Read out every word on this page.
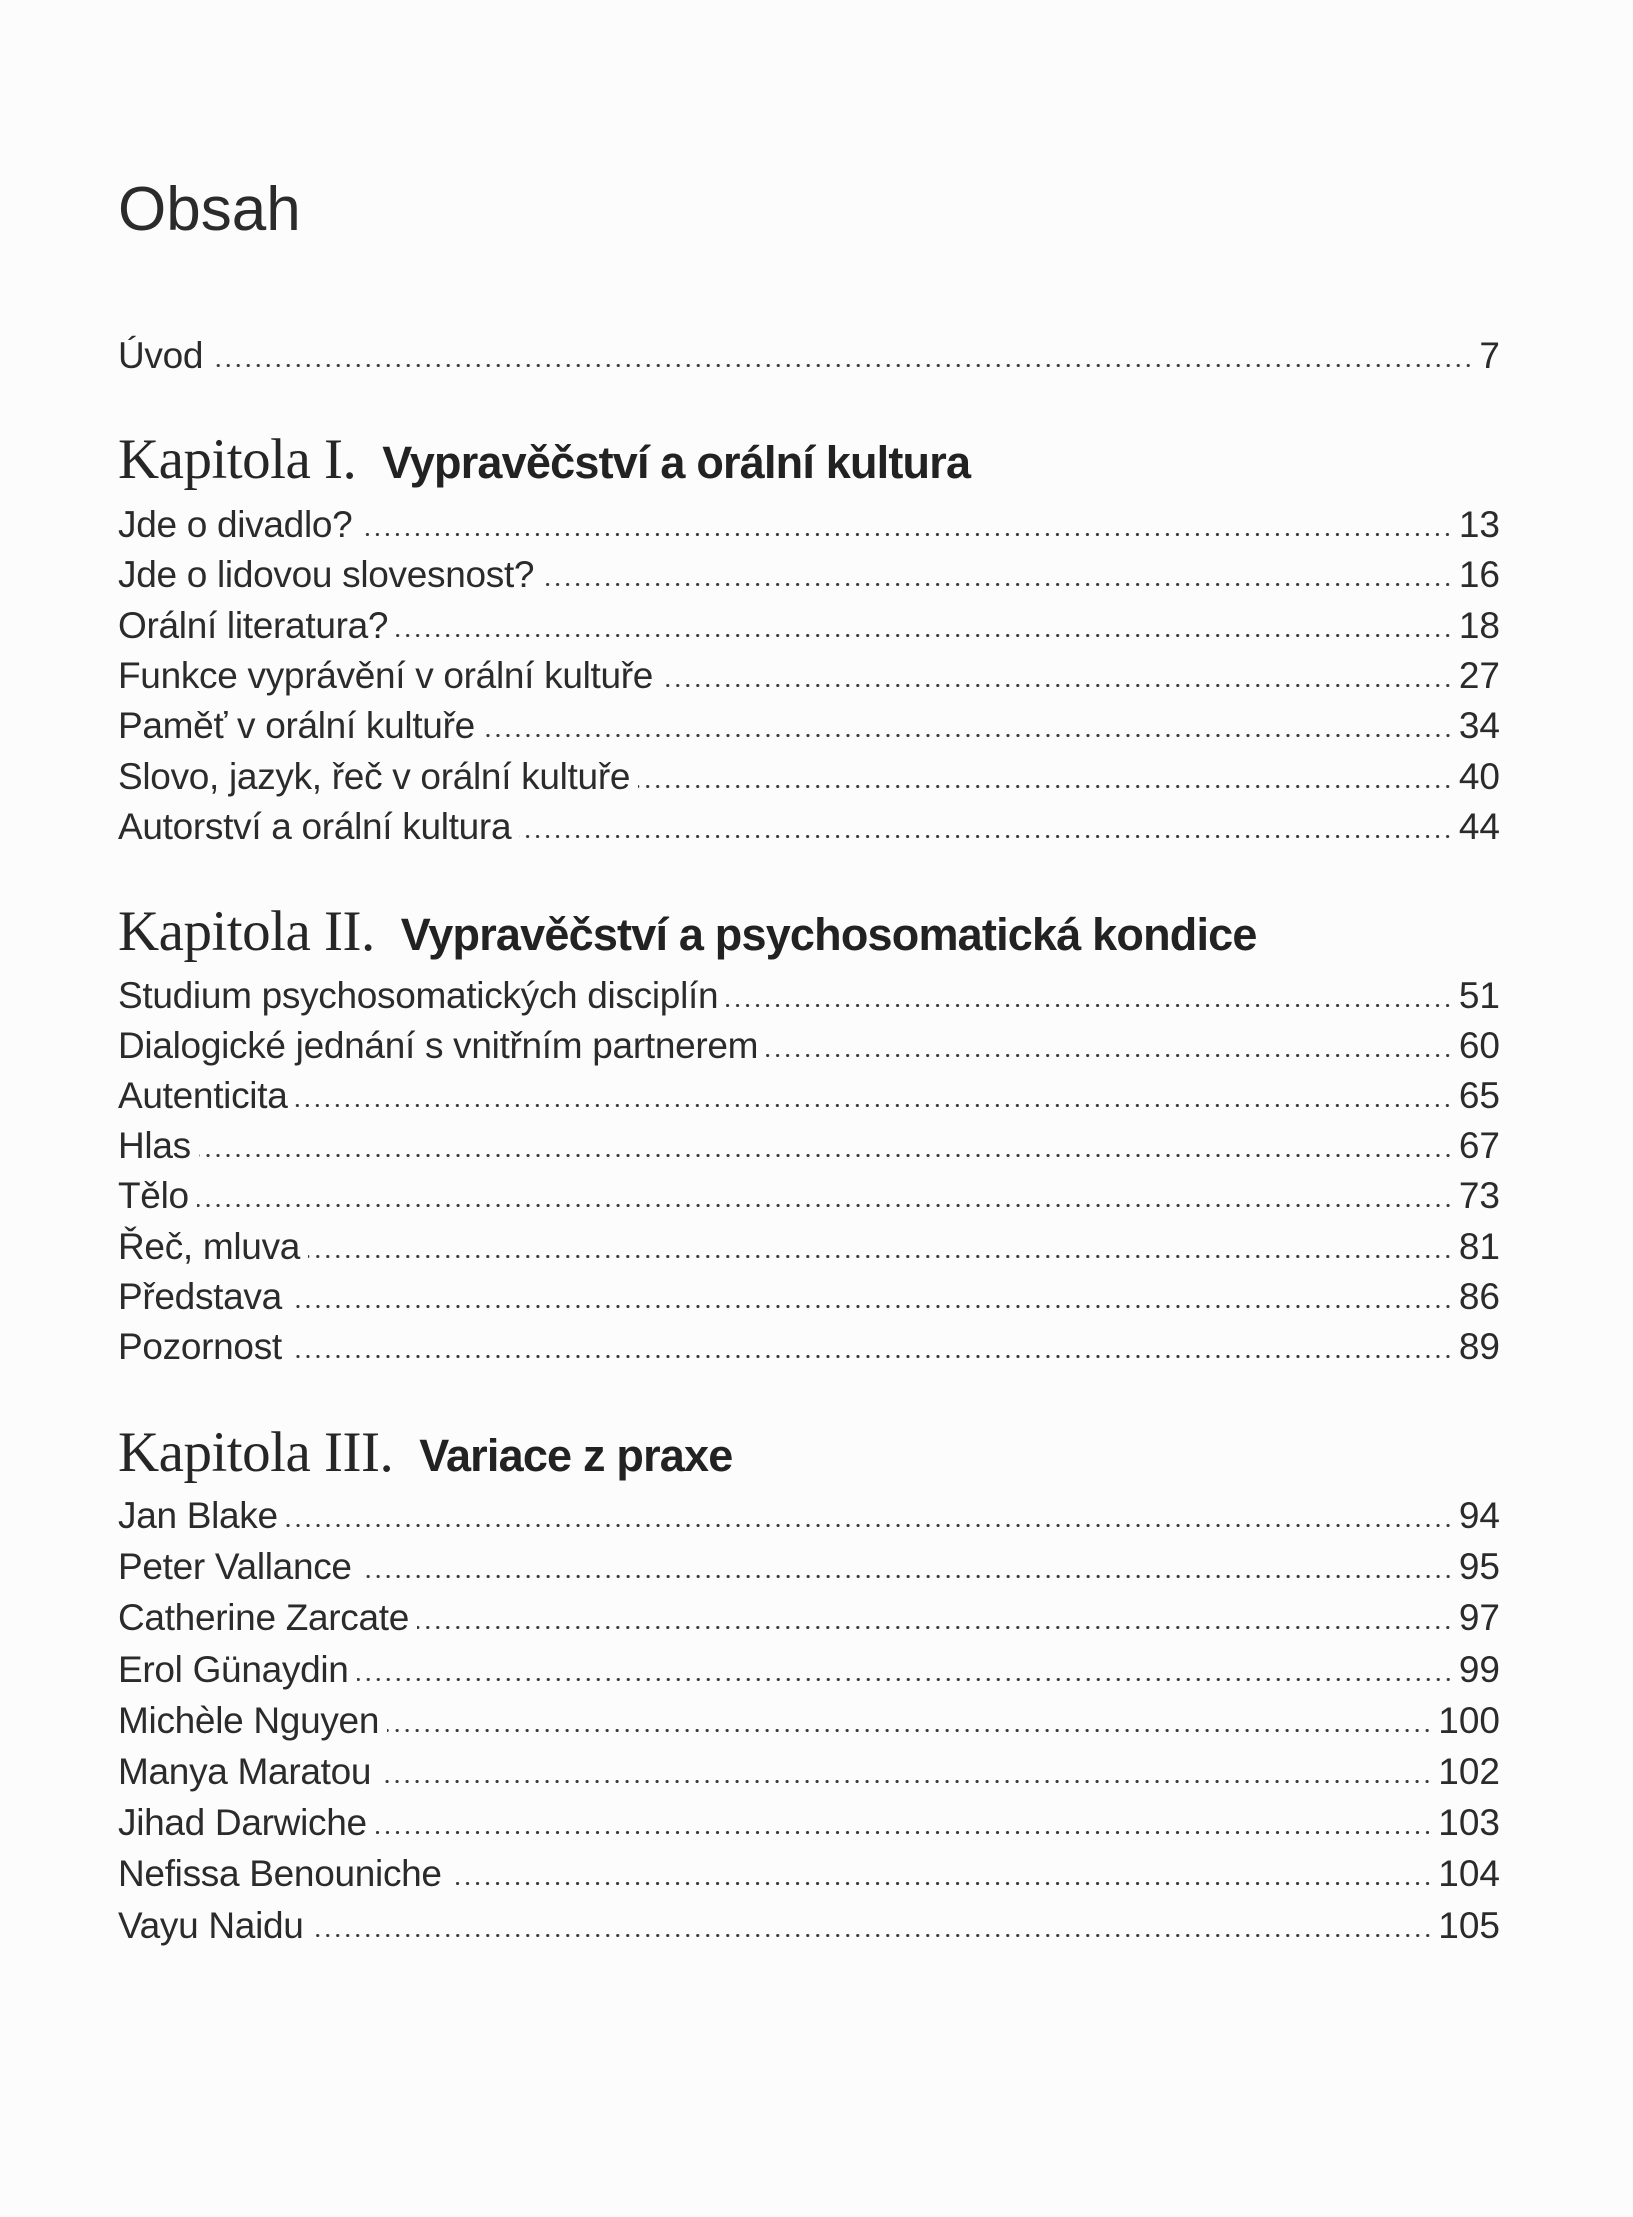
Obsah
Úvod	7
Kapitola I. Vypravěčství a orální kultura
Jde o divadlo?	13
Jde o lidovou slovesnost?	16
Orální literatura?	18
Funkce vyprávění v orální kultuře	27
Paměť v orální kultuře	34
Slovo, jazyk, řeč v orální kultuře	40
Autorství a orální kultura	44
Kapitola II. Vypravěčství a psychosomatická kondice
Studium psychosomatických disciplín	51
Dialogické jednání s vnitřním partnerem	60
Autenticita	65
Hlas	67
Tělo	73
Řeč, mluva	81
Představa	86
Pozornost	89
Kapitola III. Variace z praxe
Jan Blake	94
Peter Vallance	95
Catherine Zarcate	97
Erol Günaydin	99
Michèle Nguyen	100
Manya Maratou	102
Jihad Darwiche	103
Nefissa Benouniche	104
Vayu Naidu	105
